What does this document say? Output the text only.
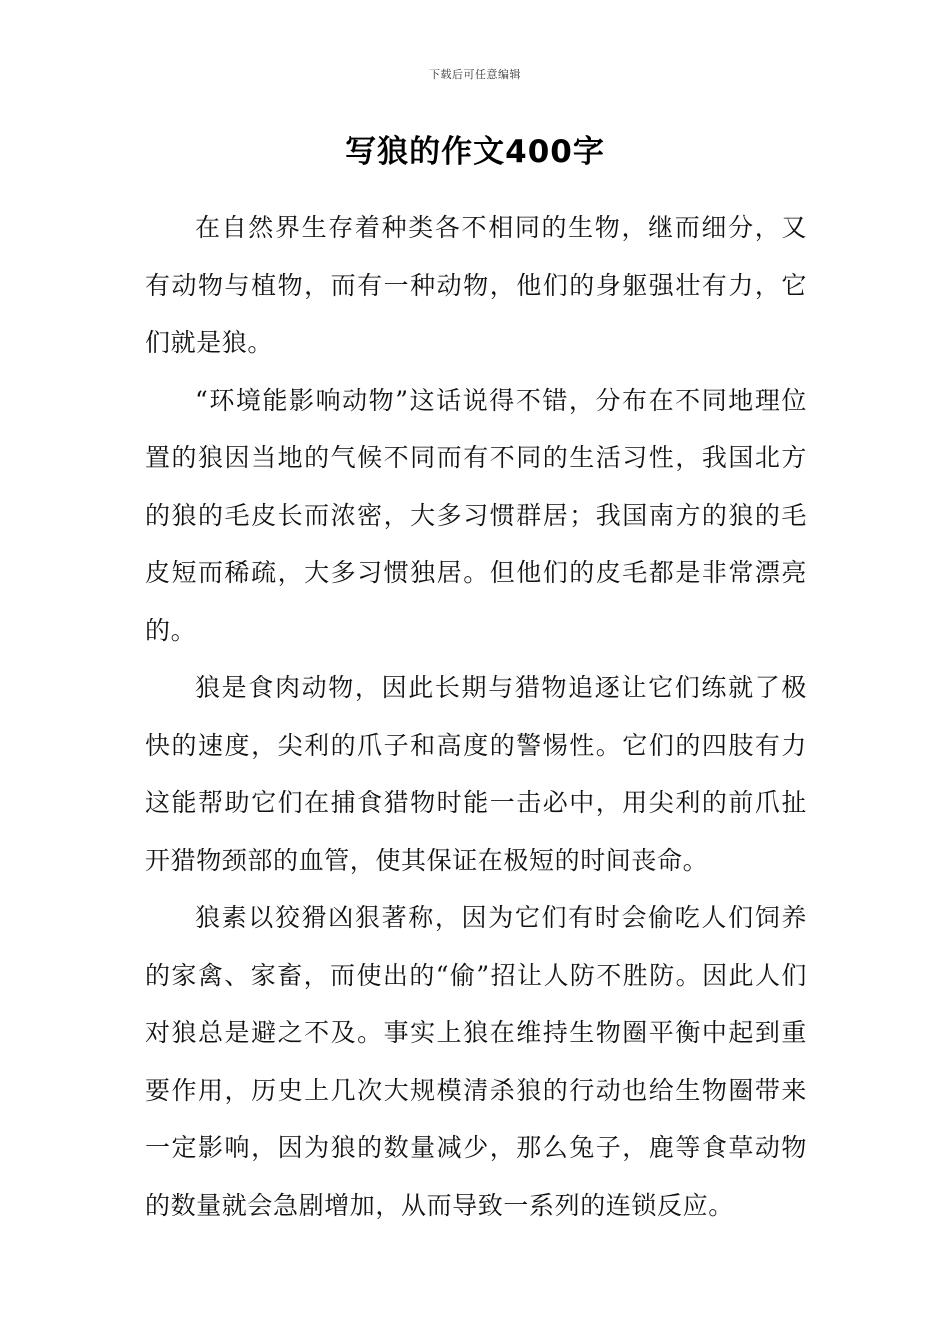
下载后可任意编辑
写狼的作文400字

在自然界生存着种类各不相同的生物，继而细分，又有动物与植物，而有一种动物，他们的身躯强壮有力，它们就是狼。

“环境能影响动物”这话说得不错，分布在不同地理位置的狼因当地的气候不同而有不同的生活习性，我国北方的狼的毛皮长而浓密，大多习惯群居；我国南方的狼的毛皮短而稀疏，大多习惯独居。但他们的皮毛都是非常漂亮的。

狼是食肉动物，因此长期与猎物追逐让它们练就了极快的速度，尖利的爪子和高度的警惕性。它们的四肢有力这能帮助它们在捕食猎物时能一击必中，用尖利的前爪扯开猎物颈部的血管，使其保证在极短的时间丧命。

狼素以狡猾凶狠著称，因为它们有时会偷吃人们饲养的家禽、家畜，而使出的“偷”招让人防不胜防。因此人们对狼总是避之不及。事实上狼在维持生物圈平衡中起到重要作用，历史上几次大规模清杀狼的行动也给生物圈带来一定影响，因为狼的数量减少，那么兔子，鹿等食草动物的数量就会急剧增加，从而导致一系列的连锁反应。
